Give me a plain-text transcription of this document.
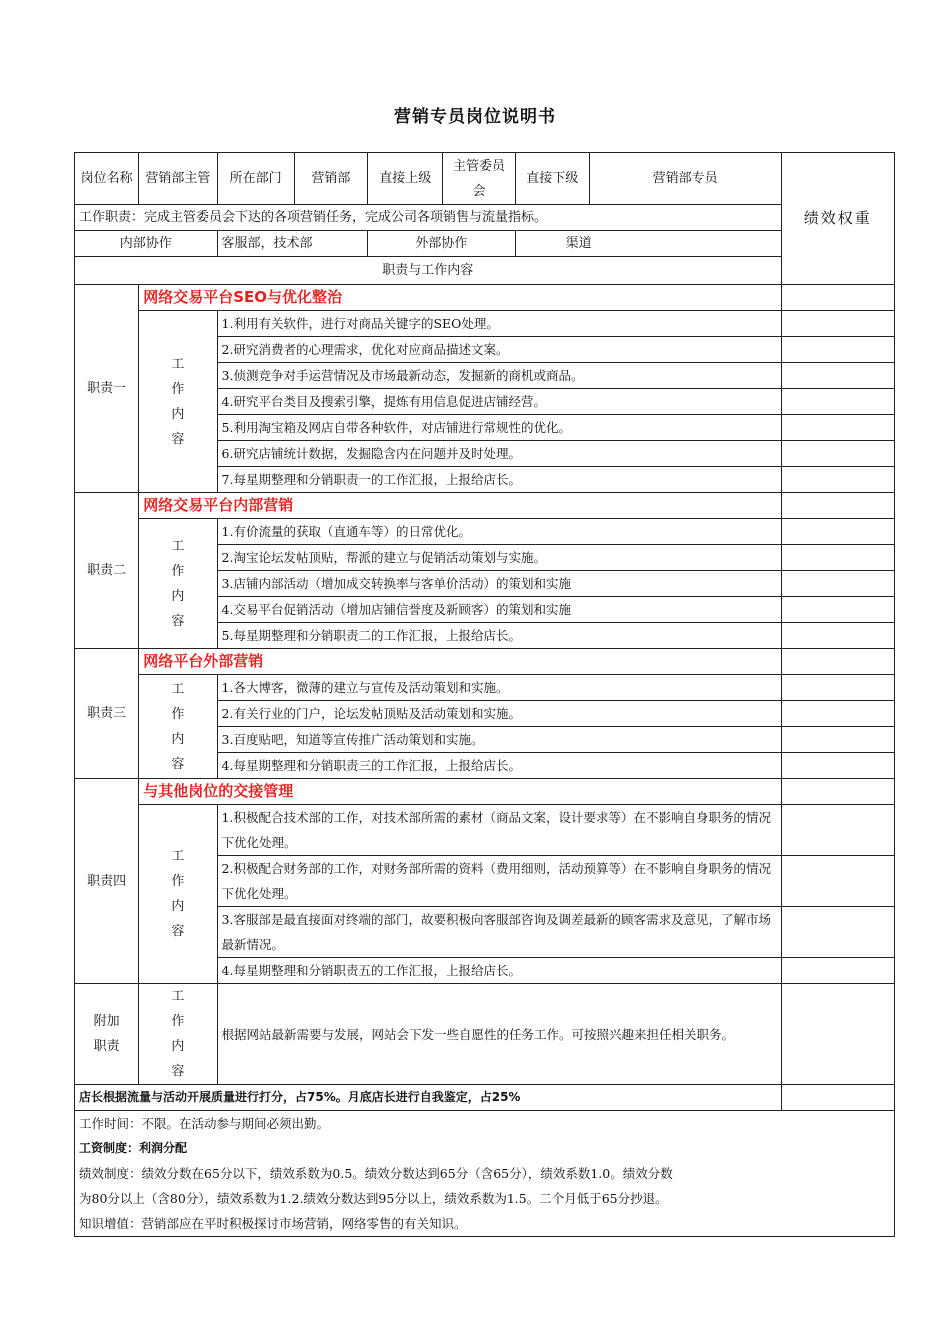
营销专员岗位说明书
岗位名称	营销部主管	所在部门	营销部	直接上级	主管委员会	直接下级	营销部专员	绩效权重
工作职责：完成主管委员会下达的各项营销任务，完成公司各项销售与流量指标。								
内部协作		客服部，技术部		外部协作		渠道		
职责与工作内容								
职责一	网络交易平台SEO与优化整治							
	工作内容	1.利用有关软件，进行对商品关键字的SEO处理。						
		2.研究消费者的心理需求，优化对应商品描述文案。						
		3.侦测竞争对手运营情况及市场最新动态，发掘新的商机或商品。						
		4.研究平台类目及搜索引擎，提炼有用信息促进店铺经营。						
		5.利用淘宝箱及网店自带各种软件，对店铺进行常规性的优化。						
		6.研究店铺统计数据，发掘隐含内在问题并及时处理。						
		7.每星期整理和分销职责一的工作汇报，上报给店长。						
职责二	网络交易平台内部营销							
	工作内容	1.有价流量的获取（直通车等）的日常优化。						
		2.淘宝论坛发帖顶贴，帮派的建立与促销活动策划与实施。						
		3.店铺内部活动（增加成交转换率与客单价活动）的策划和实施						
		4.交易平台促销活动（增加店铺信誉度及新顾客）的策划和实施						
		5.每星期整理和分销职责二的工作汇报，上报给店长。						
职责三	网络平台外部营销							
	工作内容	1.各大博客，微薄的建立与宣传及活动策划和实施。						
		2.有关行业的门户，论坛发帖顶贴及活动策划和实施。						
		3.百度贴吧，知道等宣传推广活动策划和实施。						
		4.每星期整理和分销职责三的工作汇报，上报给店长。						
职责四	与其他岗位的交接管理							
	工作内容	1.积极配合技术部的工作，对技术部所需的素材（商品文案，设计要求等）在不影响自身职务的情况下优化处理。						
		2.积极配合财务部的工作，对财务部所需的资料（费用细则，活动预算等）在不影响自身职务的情况下优化处理。						
		3.客服部是最直接面对终端的部门，故要积极向客服部咨询及调差最新的顾客需求及意见，了解市场最新情况。						
		4.每星期整理和分销职责五的工作汇报，上报给店长。						
附加职责	工作内容	根据网站最新需要与发展，网站会下发一些自愿性的任务工作。可按照兴趣来担任相关职务。						
店长根据流量与活动开展质量进行打分，占75%。月底店长进行自我鉴定，占25%								

工作时间：不限。在活动参与期间必须出勤。
工资制度：利润分配
绩效制度：绩效分数在65分以下，绩效系数为0.5。绩效分数达到65分（含65分），绩效系数1.0。绩效分数
为80分以上（含80分），绩效系数为1.2.绩效分数达到95分以上，绩效系数为1.5。二个月低于65分抄退。
知识增值：营销部应在平时积极探讨市场营销，网络零售的有关知识。								
